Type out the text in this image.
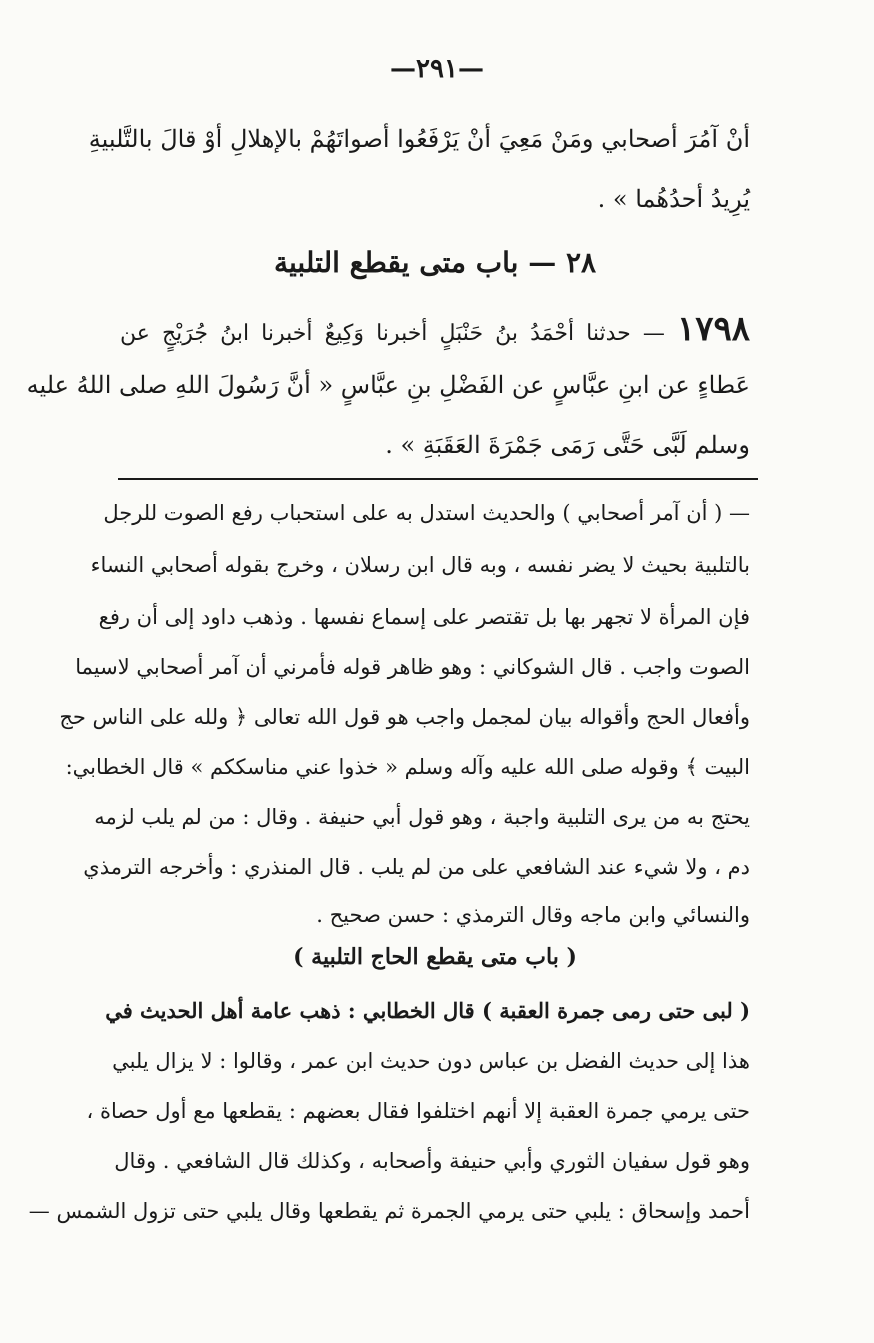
—٢٩١—
أنْ آمُرَ أصحابي ومَنْ مَعِيَ أنْ يَرْفَعُوا أصواتَهُمْ بالإهلالِ أوْ قالَ بالتَّلبيةِ
يُرِيدُ أحدُهُما » .
٢٨ — باب متى يقطع التلبية
١٧٩٨ — حدثنا أحْمَدُ بنُ حَنْبَلٍ أخبرنا وَكِيعٌ أخبرنا ابنُ جُرَيْجٍ عن
عَطاءٍ عن ابنِ عبَّاسٍ عن الفَضْلِ بنِ عبَّاسٍ « أنَّ رَسُولَ اللهِ صلى اللهُ عليه
وسلم لَبَّى حَتَّى رَمَى جَمْرَةَ العَقَبَةِ » .
— ( أن آمر أصحابي ) والحديث استدل به على استحباب رفع الصوت للرجل
بالتلبية بحيث لا يضر نفسه ، وبه قال ابن رسلان ، وخرج بقوله أصحابي النساء
فإن المرأة لا تجهر بها بل تقتصر على إسماع نفسها . وذهب داود إلى أن رفع
الصوت واجب . قال الشوكاني : وهو ظاهر قوله فأمرني أن آمر أصحابي لاسيما
وأفعال الحج وأقواله بيان لمجمل واجب هو قول الله تعالى ﴿ ولله على الناس حج
البيت ﴾ وقوله صلى الله عليه وآله وسلم « خذوا عني مناسككم » قال الخطابي:
يحتج به من يرى التلبية واجبة ، وهو قول أبي حنيفة . وقال : من لم يلب لزمه
دم ، ولا شيء عند الشافعي على من لم يلب . قال المنذري : وأخرجه الترمذي
والنسائي وابن ماجه وقال الترمذي : حسن صحيح .
( باب متى يقطع الحاج التلبية )
( لبى حتى رمى جمرة العقبة ) قال الخطابي : ذهب عامة أهل الحديث في
هذا إلى حديث الفضل بن عباس دون حديث ابن عمر ، وقالوا : لا يزال يلبي
حتى يرمي جمرة العقبة إلا أنهم اختلفوا فقال بعضهم : يقطعها مع أول حصاة ،
وهو قول سفيان الثوري وأبي حنيفة وأصحابه ، وكذلك قال الشافعي . وقال
أحمد وإسحاق : يلبي حتى يرمي الجمرة ثم يقطعها وقال يلبي حتى تزول الشمس —
